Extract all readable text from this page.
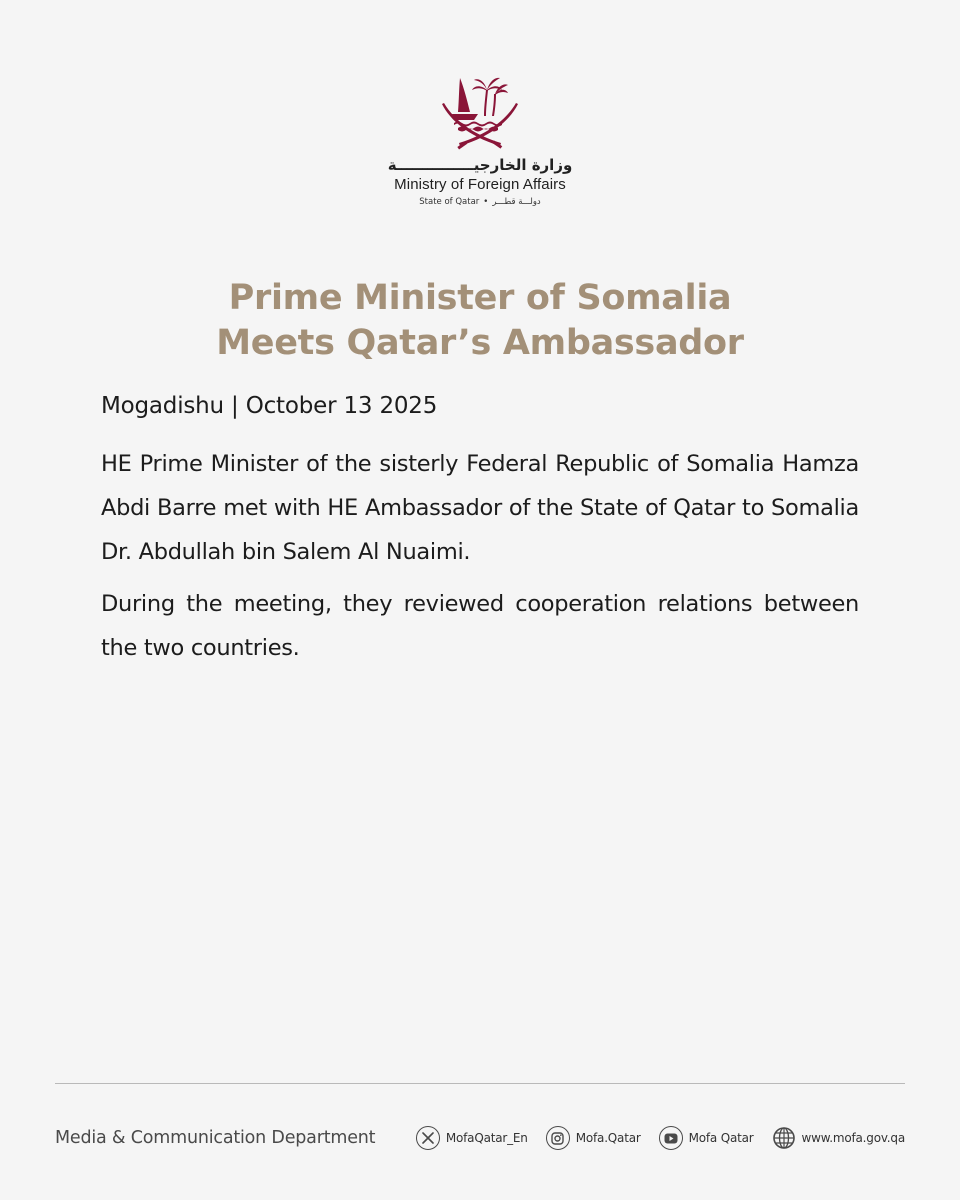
وزارة الخارجيـــــــــــــــة
Ministry of Foreign Affairs
State of Qatar • دولـــة قطـــر
Prime Minister of Somalia
Meets Qatar’s Ambassador
Mogadishu | October 13 2025

HE Prime Minister of the sisterly Federal Republic of Somalia Hamza Abdi Barre met with HE Ambassador of the State of Qatar to Somalia Dr. Abdullah bin Salem Al Nuaimi.

During the meeting, they reviewed cooperation relations between the two countries.

Media & Communication Department	MofaQatar_En	Mofa.Qatar	Mofa Qatar	www.mofa.gov.qa
